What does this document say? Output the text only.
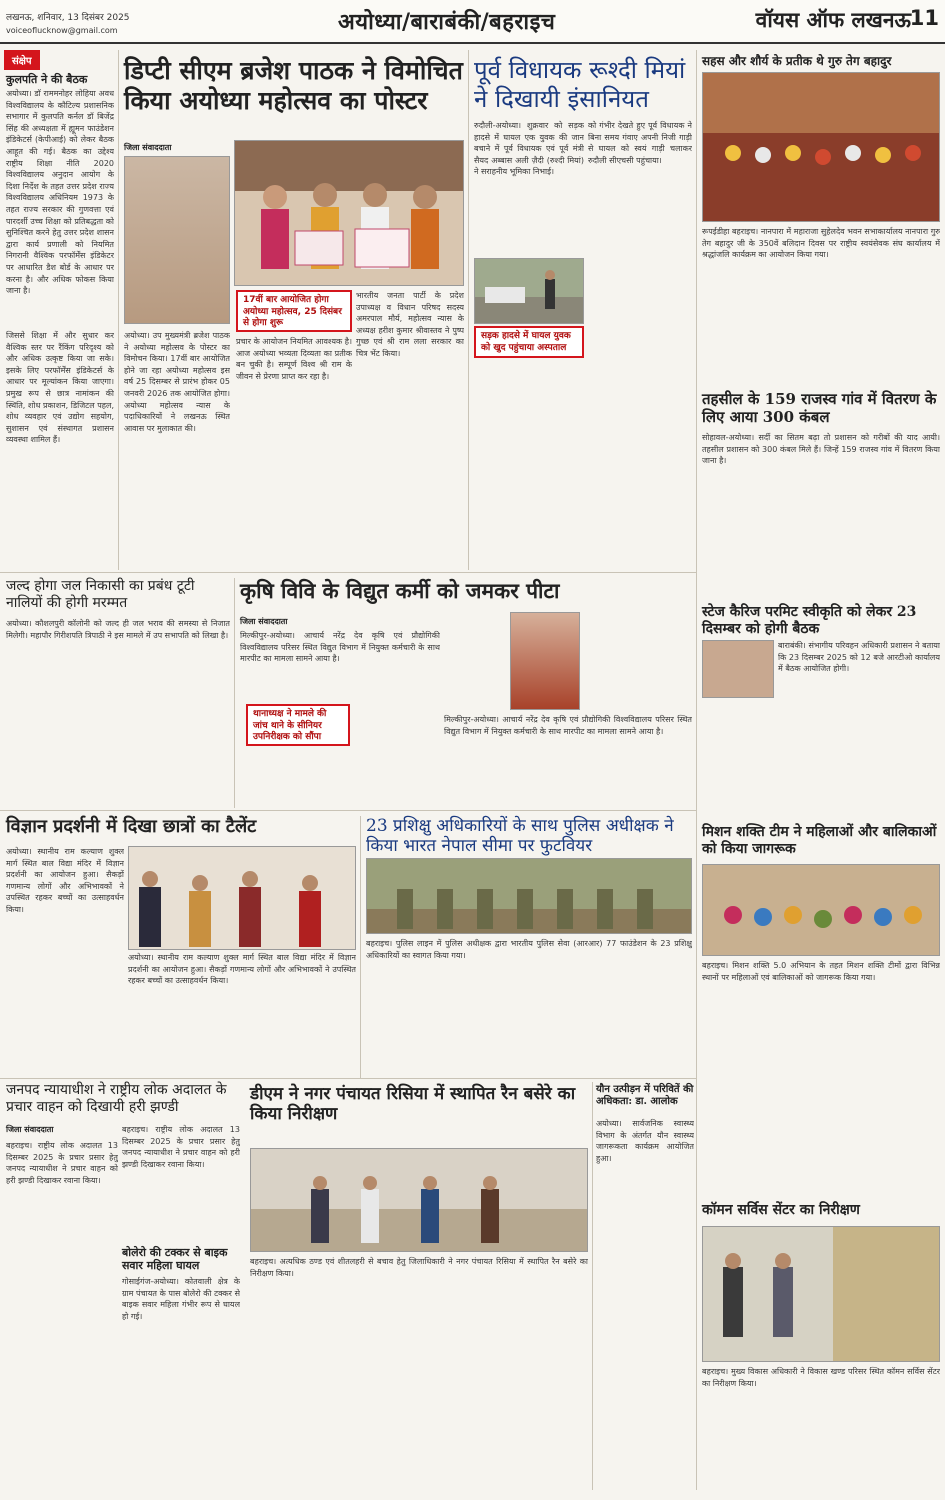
लखनऊ, शनिवार, 13 दिसंबर 2025
voiceoflucknow@gmail.com	अयोध्या/बाराबंकी/बहराइच	वॉयस ऑफ लखनऊ
11
संक्षेप
कुलपति ने की बैठक
अयोध्या। डॉ राममनोहर लोहिया अवध विश्वविद्यालय के कौटिल्य प्रशासनिक सभागार में कुलपति कर्नल डॉ बिजेंद्र सिंह की अध्यक्षता में ह्यूमन फाउंडेशन इंडिकेटर्स (केपीआई) को लेकर बैठक आहूत की गई। बैठक का उद्देश्य राष्ट्रीय शिक्षा नीति 2020 विश्वविद्यालय अनुदान आयोग के दिशा निर्देश के तहत उत्तर प्रदेश राज्य विश्वविद्यालय अधिनियम 1973 के तहत राज्य सरकार की गुणवत्ता एवं पारदर्शी उच्च शिक्षा को प्रतिबद्धता को सुनिश्चित करने हेतु उत्तर प्रदेश शासन द्वारा कार्य प्रणाली को नियमित निगरानी वैश्विक परफॉर्मेंस इंडिकेटर पर आधारित डैश बोर्ड के आधार पर करना है। और अधिक फोकस किया जाना है।
जिससे शिक्षा में और सुधार कर वैश्विक स्तर पर रैंकिंग परिदृश्य को और अधिक उत्कृष्ट किया जा सके। इसके लिए परफॉर्मेंस इंडिकेटर्स के आधार पर मूल्यांकन किया जाएगा। प्रमुख रूप से छात्र नामांकन की स्थिति, शोध प्रकाशन, डिजिटल पहल, शोध व्यवहार एवं उद्योग सहयोग, सुशासन एवं संस्थागत प्रशासन व्यवस्था शामिल हैं।
डिप्टी सीएम ब्रजेश पाठक ने विमोचित किया अयोध्या महोत्सव का पोस्टर
जिला संवाददाता
अयोध्या। उप मुख्यमंत्री ब्रजेश पाठक ने अयोध्या महोत्सव के पोस्टर का विमोचन किया। 17वीं बार आयोजित होने जा रहा अयोध्या महोत्सव इस वर्ष 25 दिसम्बर से प्रारंभ होकर 05 जनवरी 2026 तक आयोजित होगा। अयोध्या महोत्सव न्यास के पदाधिकारियों ने लखनऊ स्थित आवास पर मुलाकात की।
17वीं बार आयोजित होगा अयोध्या महोत्सव, 25 दिसंबर से होगा शुरू
प्रचार के आयोजन नियमित आवश्यक है। आज अयोध्या भव्यता दिव्यता का प्रतीक बन चुकी है। सम्पूर्ण विश्व श्री राम के जीवन से प्रेरणा प्राप्त कर रहा है।
भारतीय जनता पार्टी के प्रदेश उपाध्यक्ष व विधान परिषद सदस्य अमरपाल मौर्य, महोत्सव न्यास के अध्यक्ष हरीश कुमार श्रीवास्तव ने पुष्प गुच्छ एवं श्री राम लला सरकार का चित्र भेंट किया।
पूर्व विधायक रूश्दी मियां ने दिखायी इंसानियत
रुदौली-अयोध्या। शुक्रवार को सड़क हादसे में घायल एक युवक की जान बचाने में पूर्व विधायक एवं पूर्व मंत्री सैयद अब्बास अली ज़ैदी (रुश्दी मियां) ने सराहनीय भूमिका निभाई।
सड़क हादसे में घायल युवक को खुद पहुंचाया अस्पताल
को गंभीर देखते हुए पूर्व विधायक ने बिना समय गंवाए अपनी निजी गाड़ी से घायल को स्वयं गाड़ी चलाकर रुदौली सीएचसी पहुंचाया।
सहस और शौर्य के प्रतीक थे गुरु तेग बहादुर
रूपईडीहा बहराइच। नानपारा में महाराजा सुहेलदेव भवन सभाकार्यालय नानपारा गुरु तेग बहादुर जी के 350वें बलिदान दिवस पर राष्ट्रीय स्वयंसेवक संघ कार्यालय में श्रद्धांजलि कार्यक्रम का आयोजन किया गया।
तहसील के 159 राजस्व गांव में वितरण के लिए आया 300 कंबल
सोहावल-अयोध्या। सर्दी का सितम बढ़ा तो प्रशासन को गरीबों की याद आयी। तहसील प्रशासन को 300 कंबल मिले हैं। जिन्हें 159 राजस्व गांव में वितरण किया जाना है।
स्टेज कैरिज परमिट स्वीकृति को लेकर 23 दिसम्बर को होगी बैठक
बाराबंकी। संभागीय परिवहन अधिकारी प्रशासन ने बताया कि 23 दिसम्बर 2025 को 12 बजे आरटीओ कार्यालय में बैठक आयोजित होगी।
मिशन शक्ति टीम ने महिलाओं और बालिकाओं को किया जागरूक
बहराइच। मिशन शक्ति 5.0 अभियान के तहत मिशन शक्ति टीमों द्वारा विभिन्न स्थानों पर महिलाओं एवं बालिकाओं को जागरूक किया गया।
कॉमन सर्विस सेंटर का निरीक्षण
बहराइच। मुख्य विकास अधिकारी ने विकास खण्ड परिसर स्थित कॉमन सर्विस सेंटर का निरीक्षण किया।
जल्द होगा जल निकासी का प्रबंध टूटी नालियों की होगी मरम्मत
अयोध्या। कौशलपुरी कॉलोनी को जल्द ही जल भराव की समस्या से निजात मिलेगी। महापौर गिरीशपति त्रिपाठी ने इस मामले में उप सभापति को लिखा है।
कृषि विवि के विद्युत कर्मी को जमकर पीटा
जिला संवाददाता
मिल्कीपुर-अयोध्या। आचार्य नरेंद्र देव कृषि एवं प्रौद्योगिकी विश्वविद्यालय परिसर स्थित विद्युत विभाग में नियुक्त कर्मचारी के साथ मारपीट का मामला सामने आया है।
थानाध्यक्ष ने मामले की जांच थाने के सीनियर उपनिरीक्षक को सौंपा
मिल्कीपुर-अयोध्या। आचार्य नरेंद्र देव कृषि एवं प्रौद्योगिकी विश्वविद्यालय परिसर स्थित विद्युत विभाग में नियुक्त कर्मचारी के साथ मारपीट का मामला सामने आया है।
विज्ञान प्रदर्शनी में दिखा छात्रों का टैलेंट
अयोध्या। स्थानीय राम कल्याण शुक्ल मार्ग स्थित बाल विद्या मंदिर में विज्ञान प्रदर्शनी का आयोजन हुआ। सैकड़ों गणमान्य लोगों और अभिभावकों ने उपस्थित रहकर बच्चों का उत्साहवर्धन किया।
अयोध्या। स्थानीय राम कल्याण शुक्ल मार्ग स्थित बाल विद्या मंदिर में विज्ञान प्रदर्शनी का आयोजन हुआ। सैकड़ों गणमान्य लोगों और अभिभावकों ने उपस्थित रहकर बच्चों का उत्साहवर्धन किया।
23 प्रशिक्षु अधिकारियों के साथ पुलिस अधीक्षक ने किया भारत नेपाल सीमा पर फुटवियर
बहराइच। पुलिस लाइन में पुलिस अधीक्षक द्वारा भारतीय पुलिस सेवा (आरआर) 77 फाउंडेशन के 23 प्रशिक्षु अधिकारियों का स्वागत किया गया।
जनपद न्यायाधीश ने राष्ट्रीय लोक अदालत के प्रचार वाहन को दिखायी हरी झण्डी
जिला संवाददाता
बहराइच। राष्ट्रीय लोक अदालत 13 दिसम्बर 2025 के प्रचार प्रसार हेतु जनपद न्यायाधीश ने प्रचार वाहन को हरी झण्डी दिखाकर रवाना किया।
बहराइच। राष्ट्रीय लोक अदालत 13 दिसम्बर 2025 के प्रचार प्रसार हेतु जनपद न्यायाधीश ने प्रचार वाहन को हरी झण्डी दिखाकर रवाना किया।
बोलेरो की टक्कर से बाइक सवार महिला घायल
गोसाईगंज-अयोध्या। कोतवाली क्षेत्र के ग्राम पंचायत के पास बोलेरो की टक्कर से बाइक सवार महिला गंभीर रूप से घायल हो गई।
डीएम ने नगर पंचायत रिसिया में स्थापित रैन बसेरे का किया निरीक्षण
बहराइच। अत्यधिक ठण्ड एवं शीतलहरी से बचाव हेतु जिलाधिकारी ने नगर पंचायत रिसिया में स्थापित रैन बसेरे का निरीक्षण किया।
यौन उत्पीड़न में परिवितें की अधिकता: डा. आलोक
अयोध्या। सार्वजनिक स्वास्थ्य विभाग के अंतर्गत यौन स्वास्थ्य जागरूकता कार्यक्रम आयोजित हुआ।
